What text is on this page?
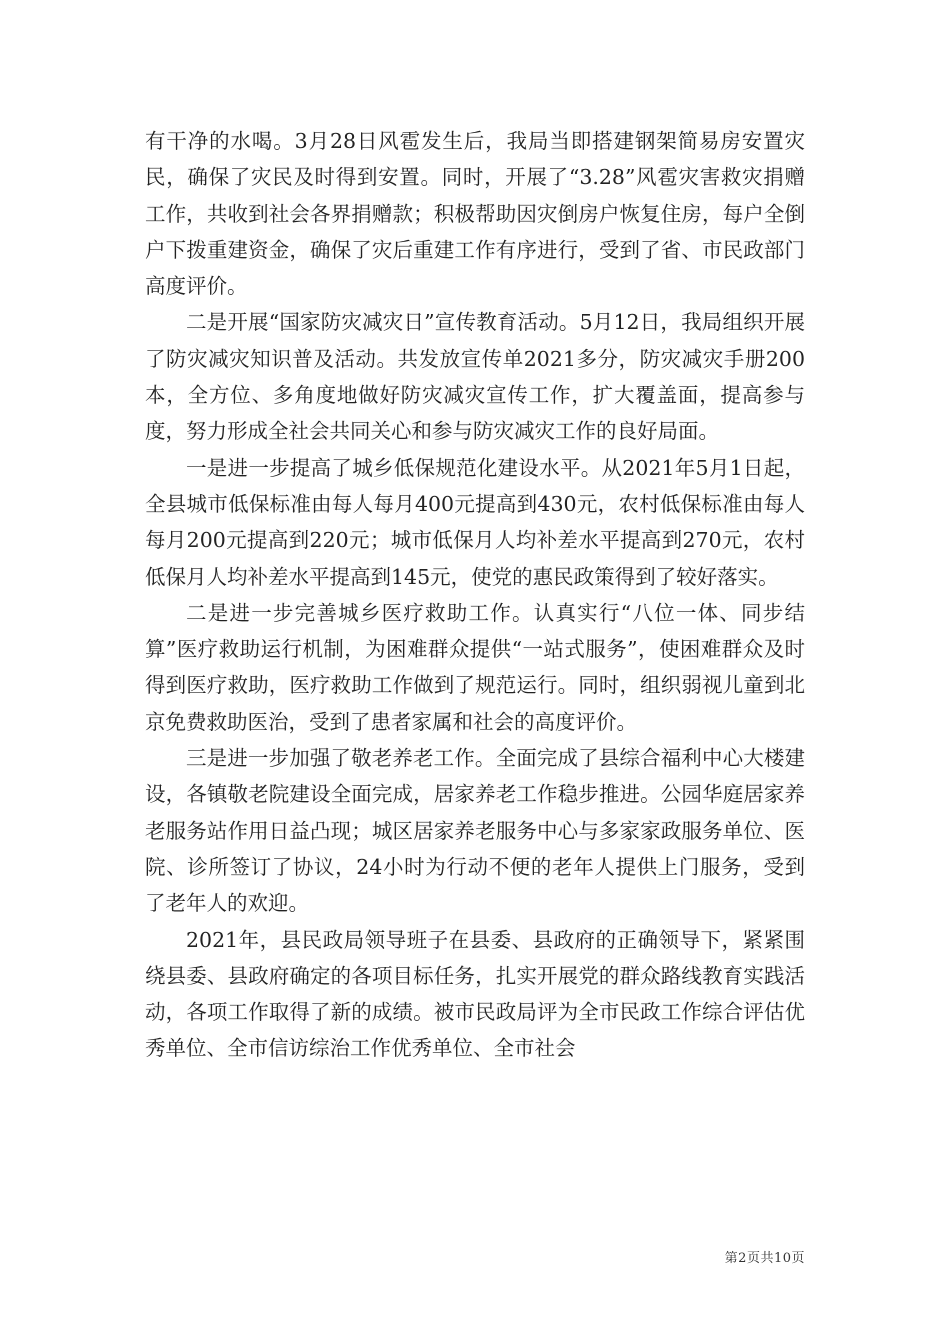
有干净的水喝。3月28日风雹发生后，我局当即搭建钢架简易房安置灾民，确保了灾民及时得到安置。同时，开展了“3.28”风雹灾害救灾捐赠工作，共收到社会各界捐赠款；积极帮助因灾倒房户恢复住房，每户全倒户下拨重建资金，确保了灾后重建工作有序进行，受到了省、市民政部门高度评价。

二是开展“国家防灾减灾日”宣传教育活动。5月12日，我局组织开展了防灾减灾知识普及活动。共发放宣传单2021多分，防灾减灾手册200本，全方位、多角度地做好防灾减灾宣传工作，扩大覆盖面，提高参与度，努力形成全社会共同关心和参与防灾减灾工作的良好局面。

一是进一步提高了城乡低保规范化建设水平。从2021年5月1日起，全县城市低保标准由每人每月400元提高到430元，农村低保标准由每人每月200元提高到220元；城市低保月人均补差水平提高到270元，农村低保月人均补差水平提高到145元，使党的惠民政策得到了较好落实。

二是进一步完善城乡医疗救助工作。认真实行“八位一体、同步结算”医疗救助运行机制，为困难群众提供“一站式服务”，使困难群众及时得到医疗救助，医疗救助工作做到了规范运行。同时，组织弱视儿童到北京免费救助医治，受到了患者家属和社会的高度评价。

三是进一步加强了敬老养老工作。全面完成了县综合福利中心大楼建设，各镇敬老院建设全面完成，居家养老工作稳步推进。公园华庭居家养老服务站作用日益凸现；城区居家养老服务中心与多家家政服务单位、医院、诊所签订了协议，24小时为行动不便的老年人提供上门服务，受到了老年人的欢迎。

2021年，县民政局领导班子在县委、县政府的正确领导下，紧紧围绕县委、县政府确定的各项目标任务，扎实开展党的群众路线教育实践活动，各项工作取得了新的成绩。被市民政局评为全市民政工作综合评估优秀单位、全市信访综治工作优秀单位、全市社会

第2页共10页
